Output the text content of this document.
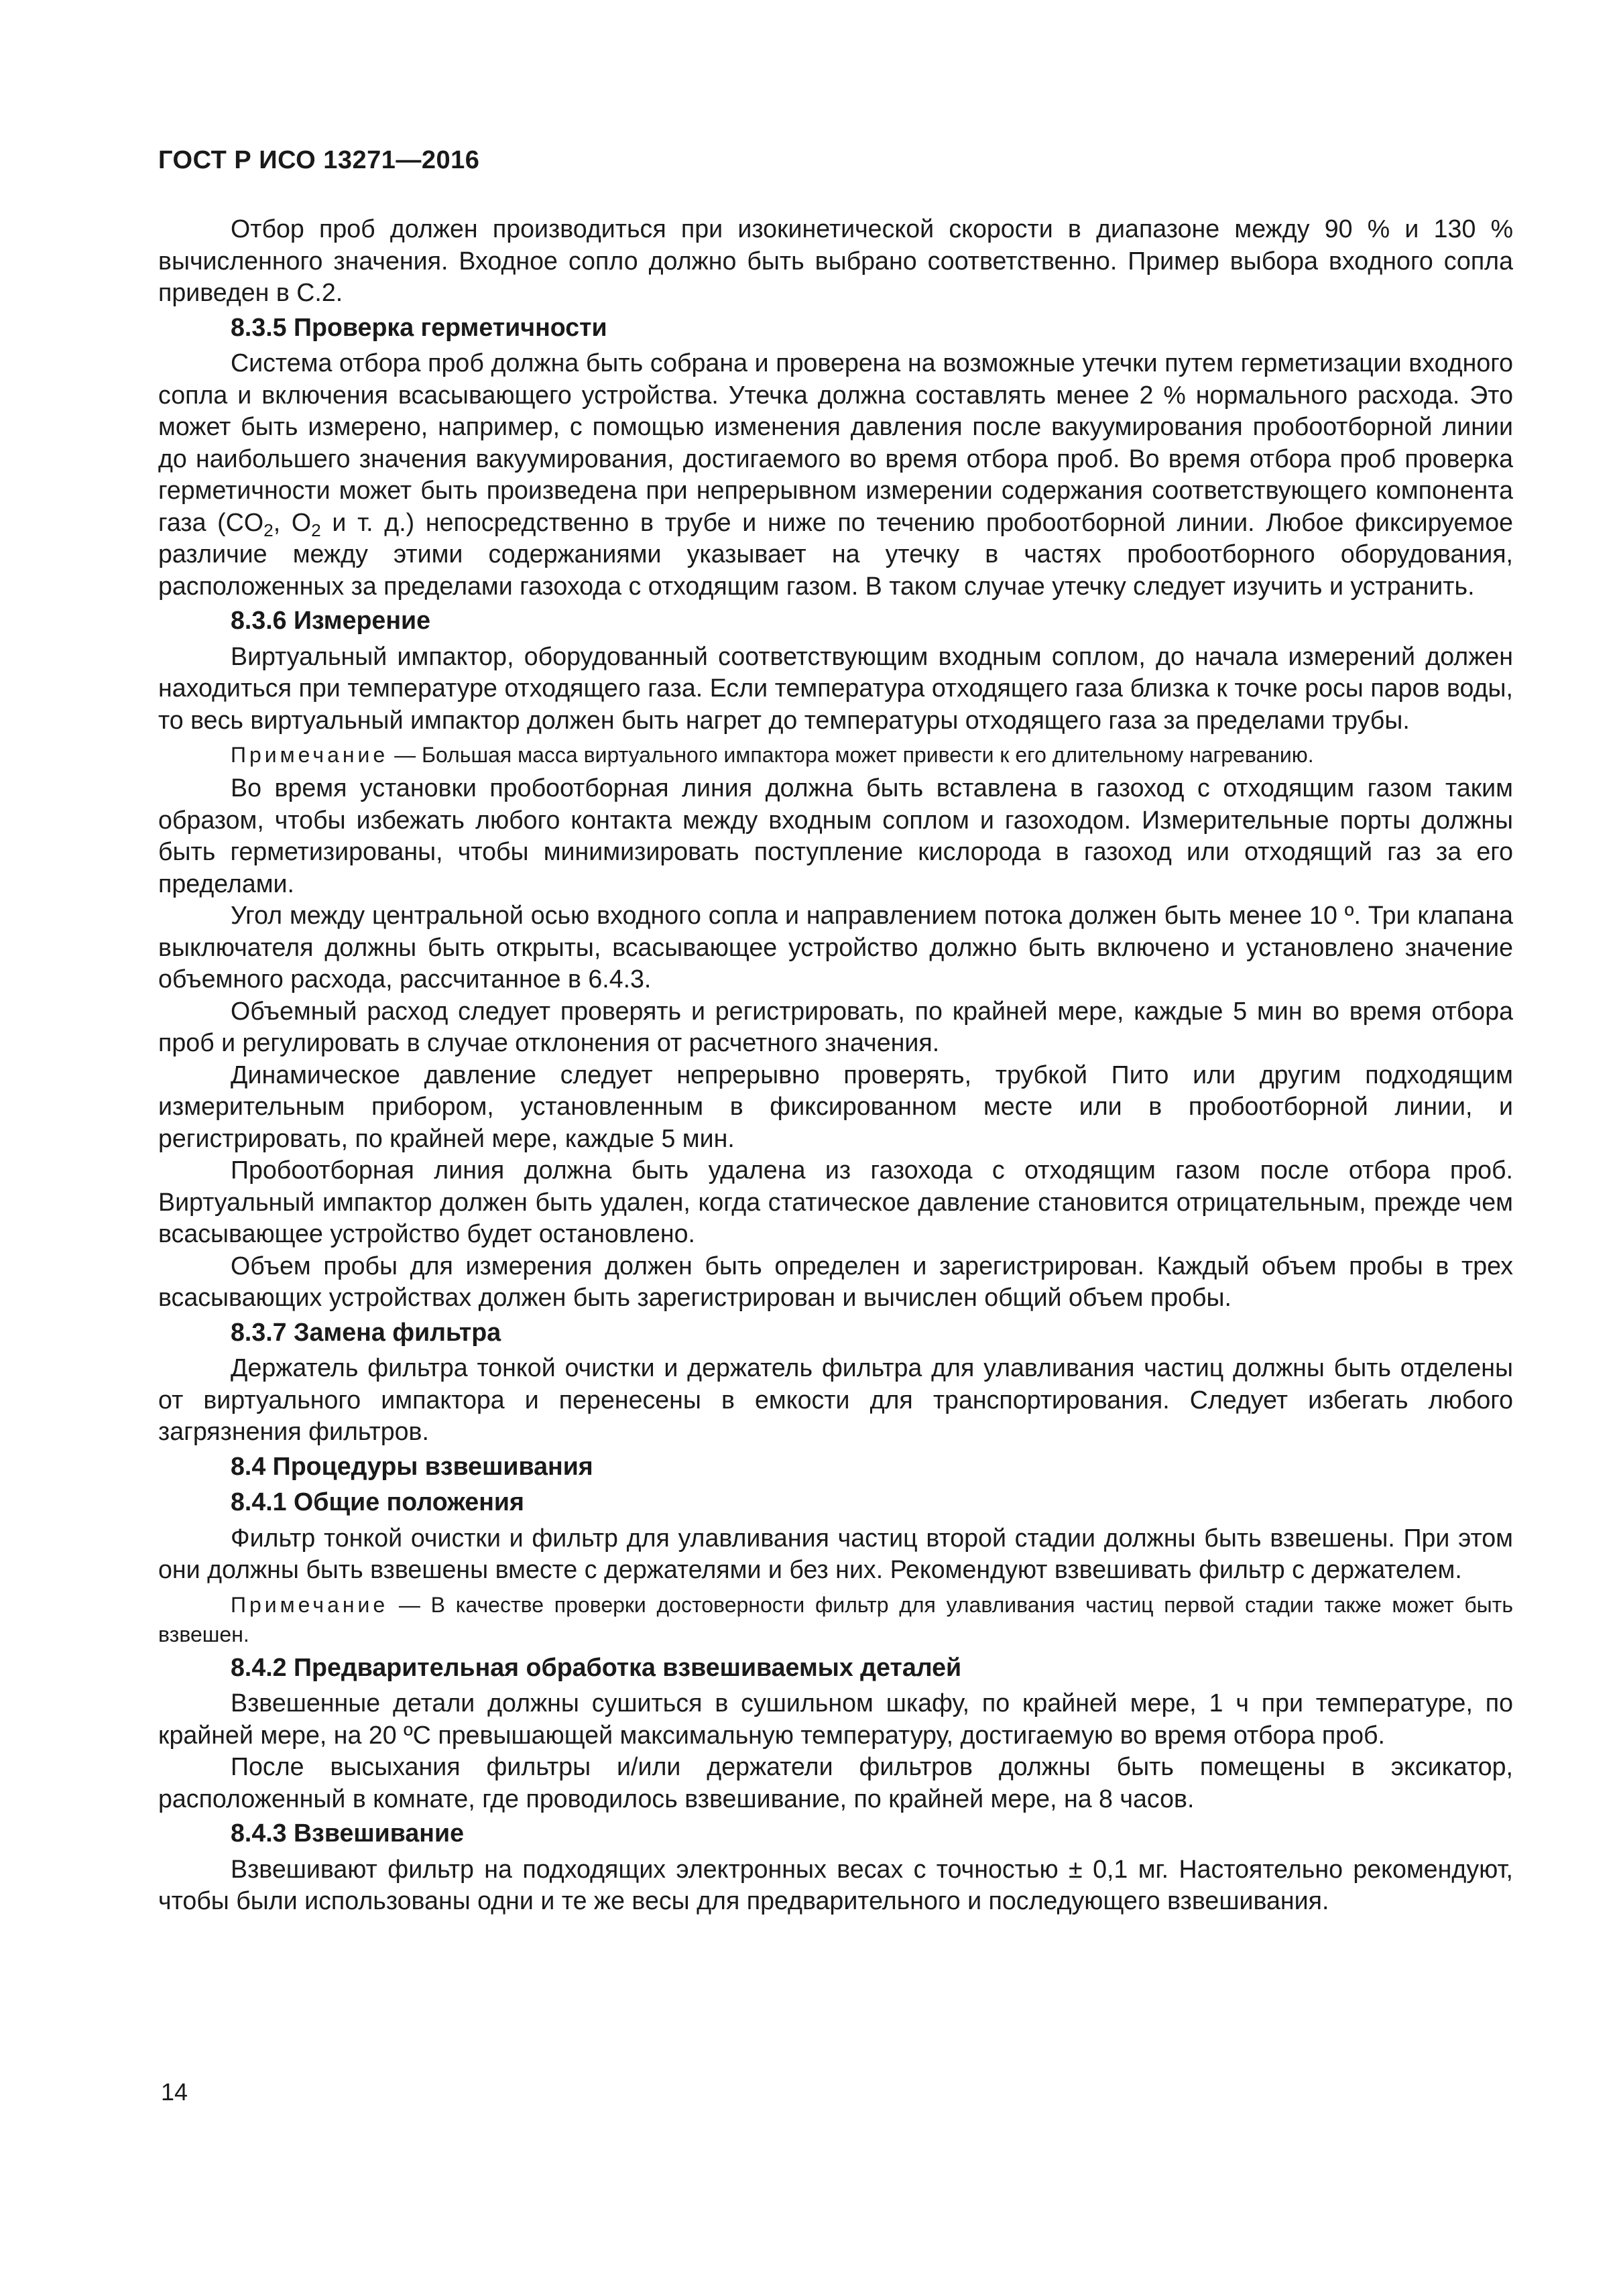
ГОСТ Р ИСО 13271—2016

Отбор проб должен производиться при изокинетической скорости в диапазоне между 90 % и 130 % вычисленного значения. Входное сопло должно быть выбрано соответственно. Пример выбора входного сопла приведен в С.2.

8.3.5 Проверка герметичности

Система отбора проб должна быть собрана и проверена на возможные утечки путем герметизации входного сопла и включения всасывающего устройства. Утечка должна составлять менее 2 % нормального расхода. Это может быть измерено, например, с помощью изменения давления после вакуумирования пробоотборной линии до наибольшего значения вакуумирования, достигаемого во время отбора проб. Во время отбора проб проверка герметичности может быть произведена при непрерывном измерении содержания соответствующего компонента газа ($CO_2$, $O_2$ и т. д.) непосредственно в трубе и ниже по течению пробоотборной линии. Любое фиксируемое различие между этими содержаниями указывает на утечку в частях пробоотборного оборудования, расположенных за пределами газохода с отходящим газом. В таком случае утечку следует изучить и устранить.

8.3.6 Измерение

Виртуальный импактор, оборудованный соответствующим входным соплом, до начала измерений должен находиться при температуре отходящего газа. Если температура отходящего газа близка к точке росы паров воды, то весь виртуальный импактор должен быть нагрет до температуры отходящего газа за пределами трубы.

Примечание — Большая масса виртуального импактора может привести к его длительному нагреванию.

Во время установки пробоотборная линия должна быть вставлена в газоход с отходящим газом таким образом, чтобы избежать любого контакта между входным соплом и газоходом. Измерительные порты должны быть герметизированы, чтобы минимизировать поступление кислорода в газоход или отходящий газ за его пределами.

Угол между центральной осью входного сопла и направлением потока должен быть менее 10 º. Три клапана выключателя должны быть открыты, всасывающее устройство должно быть включено и установлено значение объемного расхода, рассчитанное в 6.4.3.

Объемный расход следует проверять и регистрировать, по крайней мере, каждые 5 мин во время отбора проб и регулировать в случае отклонения от расчетного значения.

Динамическое давление следует непрерывно проверять, трубкой Пито или другим подходящим измерительным прибором, установленным в фиксированном месте или в пробоотборной линии, и регистрировать, по крайней мере, каждые 5 мин.

Пробоотборная линия должна быть удалена из газохода с отходящим газом после отбора проб. Виртуальный импактор должен быть удален, когда статическое давление становится отрицательным, прежде чем всасывающее устройство будет остановлено.

Объем пробы для измерения должен быть определен и зарегистрирован. Каждый объем пробы в трех всасывающих устройствах должен быть зарегистрирован и вычислен общий объем пробы.

8.3.7 Замена фильтра

Держатель фильтра тонкой очистки и держатель фильтра для улавливания частиц должны быть отделены от виртуального импактора и перенесены в емкости для транспортирования. Следует избегать любого загрязнения фильтров.

8.4 Процедуры взвешивания

8.4.1 Общие положения

Фильтр тонкой очистки и фильтр для улавливания частиц второй стадии должны быть взвешены. При этом они должны быть взвешены вместе с держателями и без них. Рекомендуют взвешивать фильтр с держателем.

Примечание — В качестве проверки достоверности фильтр для улавливания частиц первой стадии также может быть взвешен.

8.4.2 Предварительная обработка взвешиваемых деталей

Взвешенные детали должны сушиться в сушильном шкафу, по крайней мере, 1 ч при температуре, по крайней мере, на 20 ºС превышающей максимальную температуру, достигаемую во время отбора проб.

После высыхания фильтры и/или держатели фильтров должны быть помещены в эксикатор, расположенный в комнате, где проводилось взвешивание, по крайней мере, на 8 часов.

8.4.3 Взвешивание

Взвешивают фильтр на подходящих электронных весах с точностью ± 0,1 мг. Настоятельно рекомендуют, чтобы были использованы одни и те же весы для предварительного и последующего взвешивания.

14
